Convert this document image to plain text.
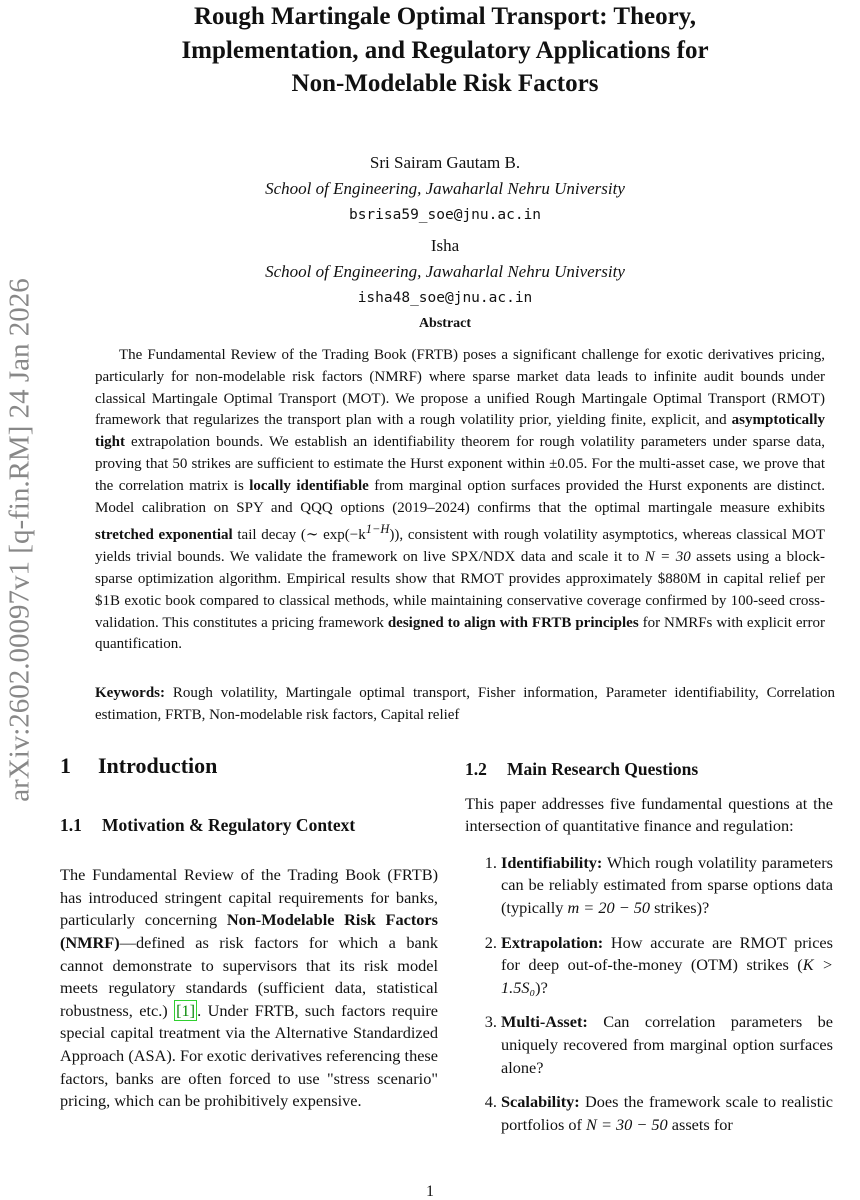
arXiv:2602.00097v1 [q-fin.RM] 24 Jan 2026
Rough Martingale Optimal Transport: Theory,
Implementation, and Regulatory Applications for
Non-Modelable Risk Factors
Sri Sairam Gautam B.
School of Engineering, Jawaharlal Nehru University
bsrisa59_soe@jnu.ac.in
Isha
School of Engineering, Jawaharlal Nehru University
isha48_soe@jnu.ac.in
Abstract

The Fundamental Review of the Trading Book (FRTB) poses a significant challenge for exotic derivatives pricing, particularly for non-modelable risk factors (NMRF) where sparse market data leads to infinite audit bounds under classical Martingale Optimal Transport (MOT). We propose a unified Rough Martingale Optimal Transport (RMOT) framework that regularizes the transport plan with a rough volatility prior, yielding finite, explicit, and asymptotically tight extrapolation bounds. We establish an identifiability theorem for rough volatility parameters under sparse data, proving that 50 strikes are sufficient to estimate the Hurst exponent within ±0.05. For the multi-asset case, we prove that the correlation matrix is locally identifiable from marginal option surfaces provided the Hurst exponents are distinct. Model calibration on SPY and QQQ options (2019–2024) confirms that the optimal martingale measure exhibits stretched exponential tail decay (∼ $\exp(-k^{1-H})$), consistent with rough volatility asymptotics, whereas classical MOT yields trivial bounds. We validate the framework on live SPX/NDX data and scale it to N = 30 assets using a block-sparse optimization algorithm. Empirical results show that RMOT provides approximately $880M in capital relief per $1B exotic book compared to classical methods, while maintaining conservative coverage confirmed by 100-seed cross-validation. This constitutes a pricing framework designed to align with FRTB principles for NMRFs with explicit error quantification.

Keywords: Rough volatility, Martingale optimal transport, Fisher information, Parameter identifiability, Correlation estimation, FRTB, Non-modelable risk factors, Capital relief

1 Introduction
1.1 Motivation & Regulatory Context

The Fundamental Review of the Trading Book (FRTB) has introduced stringent capital requirements for banks, particularly concerning Non-Modelable Risk Factors (NMRF)—defined as risk factors for which a bank cannot demonstrate to supervisors that its risk model meets regulatory standards (sufficient data, statistical robustness, etc.) [1] . Under FRTB, such factors require special capital treatment via the Alternative Standardized Approach (ASA). For exotic derivatives referencing these factors, banks are often forced to use "stress scenario" pricing, which can be prohibitively expensive.

1.2 Main Research Questions

This paper addresses five fundamental questions at the intersection of quantitative finance and regulation:

1. Identifiability: Which rough volatility parameters can be reliably estimated from sparse options data (typically m = 20 − 50 strikes)?
2. Extrapolation: How accurate are RMOT prices for deep out-of-the-money (OTM) strikes (K > 1.5S₀)?
3. Multi-Asset: Can correlation parameters be uniquely recovered from marginal option surfaces alone?
4. Scalability: Does the framework scale to realistic portfolios of N = 30 − 50 assets for
1
